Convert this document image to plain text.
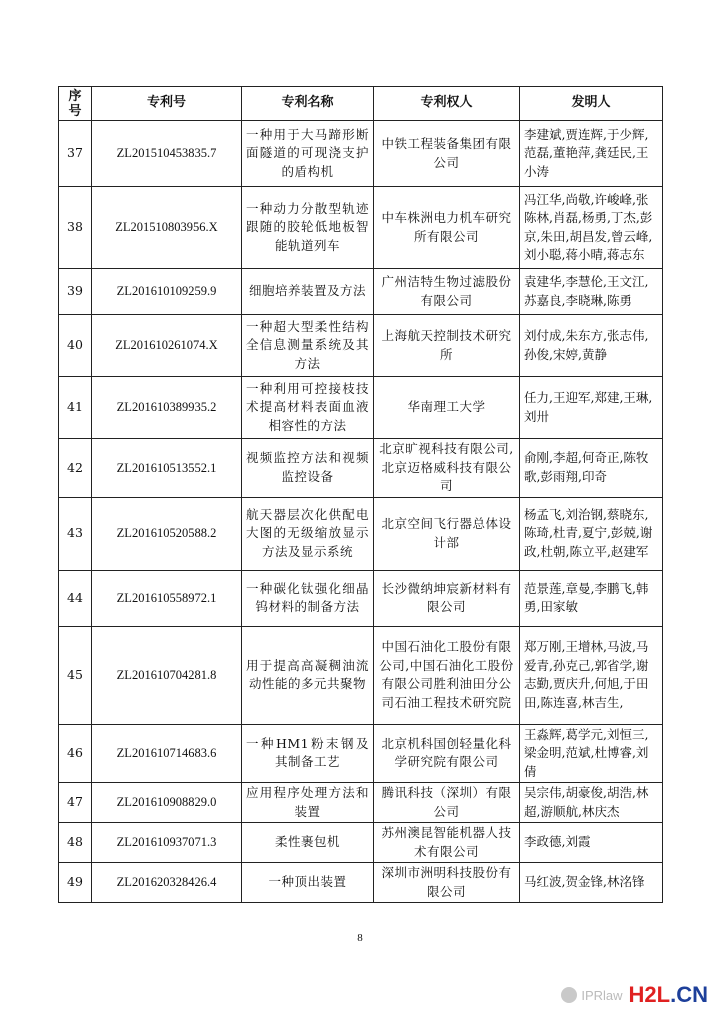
序号	专利号	专利名称	专利权人	发明人
37	ZL201510453835.7	一种用于大马蹄形断面隧道的可现浇支护的盾构机	中铁工程装备集团有限公司	李建斌,贾连辉,于少辉,范磊,董艳萍,龚廷民,王小涛
38	ZL201510803956.X	一种动力分散型轨迹跟随的胶轮低地板智能轨道列车	中车株洲电力机车研究所有限公司	冯江华,尚敬,许峻峰,张陈林,肖磊,杨勇,丁杰,彭京,朱田,胡昌发,曾云峰,刘小聪,蒋小晴,蒋志东
39	ZL201610109259.9	细胞培养装置及方法	广州洁特生物过滤股份有限公司	袁建华,李慧伦,王文江,苏嘉良,李晓琳,陈勇
40	ZL201610261074.X	一种超大型柔性结构全信息测量系统及其方法	上海航天控制技术研究所	刘付成,朱东方,张志伟,孙俊,宋婷,黄静
41	ZL201610389935.2	一种利用可控接枝技术提高材料表面血液相容性的方法	华南理工大学	任力,王迎军,郑建,王琳,刘卅
42	ZL201610513552.1	视频监控方法和视频监控设备	北京旷视科技有限公司,北京迈格威科技有限公司	俞刚,李超,何奇正,陈牧歌,彭雨翔,印奇
43	ZL201610520588.2	航天器层次化供配电大图的无级缩放显示方法及显示系统	北京空间飞行器总体设计部	杨孟飞,刘治钢,蔡晓东,陈琦,杜青,夏宁,彭兢,谢政,杜朝,陈立平,赵建军
44	ZL201610558972.1	一种碳化钛强化细晶钨材料的制备方法	长沙微纳坤宸新材料有限公司	范景莲,章曼,李鹏飞,韩勇,田家敏
45	ZL201610704281.8	用于提高高凝稠油流动性能的多元共聚物	中国石油化工股份有限公司,中国石油化工股份有限公司胜利油田分公司石油工程技术研究院	郑万刚,王增林,马波,马爱青,孙克己,郭省学,谢志勤,贾庆升,何旭,于田田,陈连喜,林吉生,
46	ZL201610714683.6	一种HM1粉末钢及其制备工艺	北京机科国创轻量化科学研究院有限公司	王淼辉,葛学元,刘恒三,梁金明,范斌,杜博睿,刘倩
47	ZL201610908829.0	应用程序处理方法和装置	腾讯科技（深圳）有限公司	吴宗伟,胡豪俊,胡浩,林超,游顺航,林庆杰
48	ZL201610937071.3	柔性裹包机	苏州澳昆智能机器人技术有限公司	李政德,刘霞
49	ZL201620328426.4	一种顶出装置	深圳市洲明科技股份有限公司	马红波,贺金锋,林洺锋
8
IPRlaw H2L.CN
